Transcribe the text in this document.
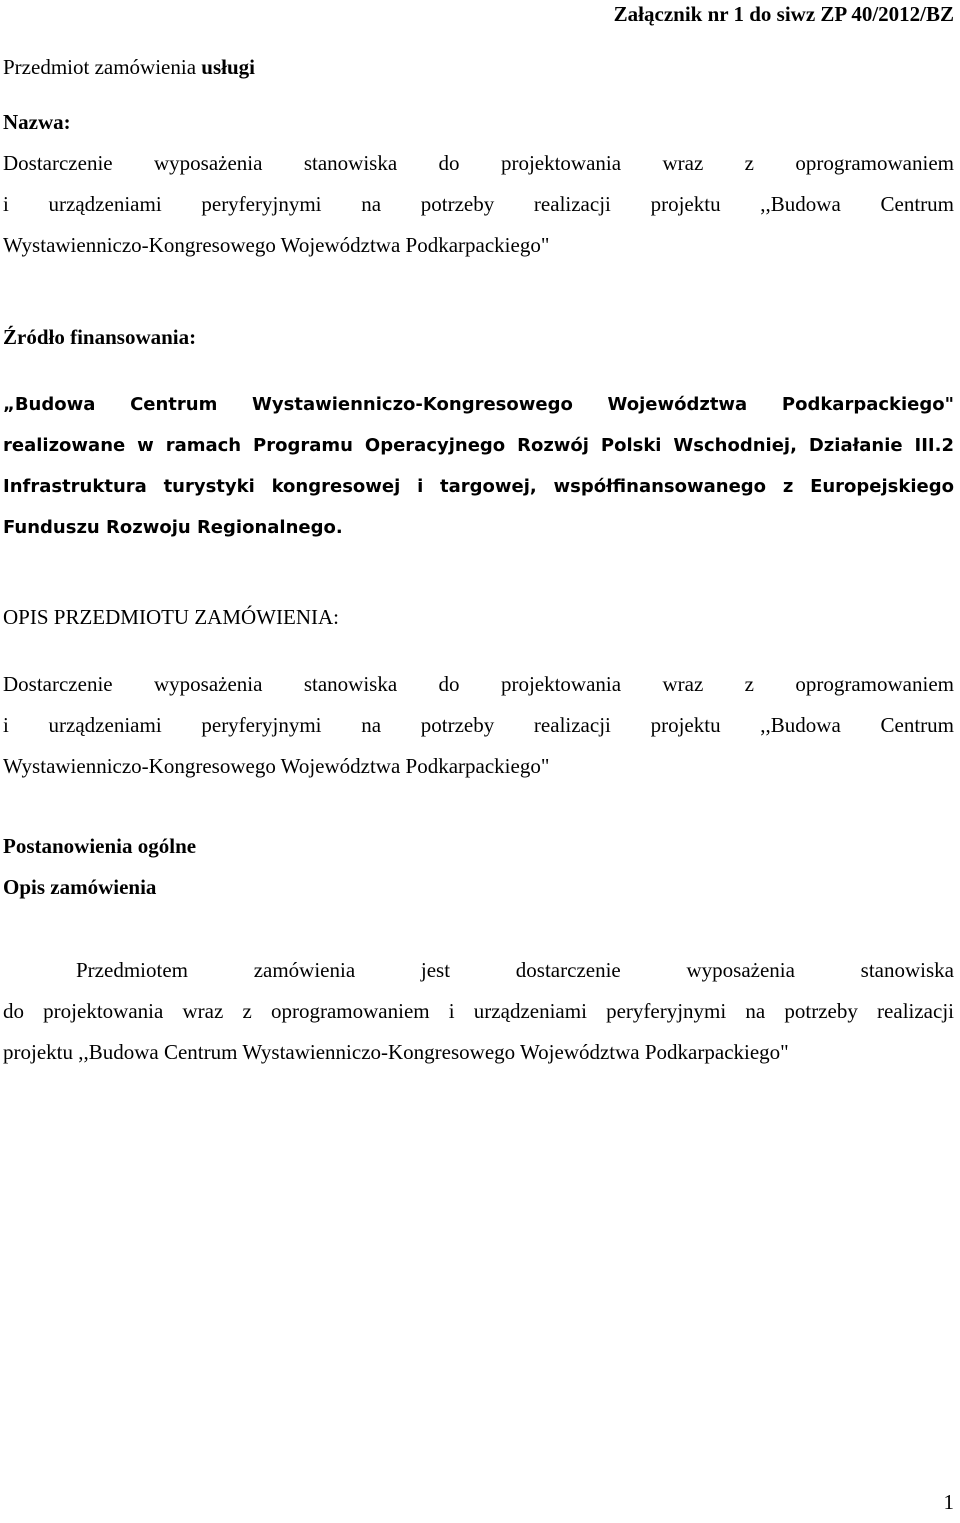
Załącznik nr 1 do siwz ZP 40/2012/BZ
Przedmiot zamówienia usługi
Nazwa:
Dostarczenie wyposażenia stanowiska do projektowania wraz z oprogramowaniem
i urządzeniami peryferyjnymi na potrzeby realizacji projektu ,,Budowa Centrum
Wystawienniczo-Kongresowego Województwa Podkarpackiego"
Źródło finansowania:
„Budowa Centrum Wystawienniczo-Kongresowego Województwa Podkarpackiego"
realizowane w ramach Programu Operacyjnego Rozwój Polski Wschodniej, Działanie III.2
Infrastruktura turystyki kongresowej i targowej, współfinansowanego z Europejskiego
Funduszu Rozwoju Regionalnego.
OPIS PRZEDMIOTU ZAMÓWIENIA:
Dostarczenie wyposażenia stanowiska do projektowania wraz z oprogramowaniem
i urządzeniami peryferyjnymi na potrzeby realizacji projektu ,,Budowa Centrum
Wystawienniczo-Kongresowego Województwa Podkarpackiego"
Postanowienia ogólne
Opis zamówienia
Przedmiotem zamówienia jest dostarczenie wyposażenia stanowiska
do projektowania wraz z oprogramowaniem i urządzeniami peryferyjnymi na potrzeby realizacji
projektu ,,Budowa Centrum Wystawienniczo-Kongresowego Województwa Podkarpackiego"
1
